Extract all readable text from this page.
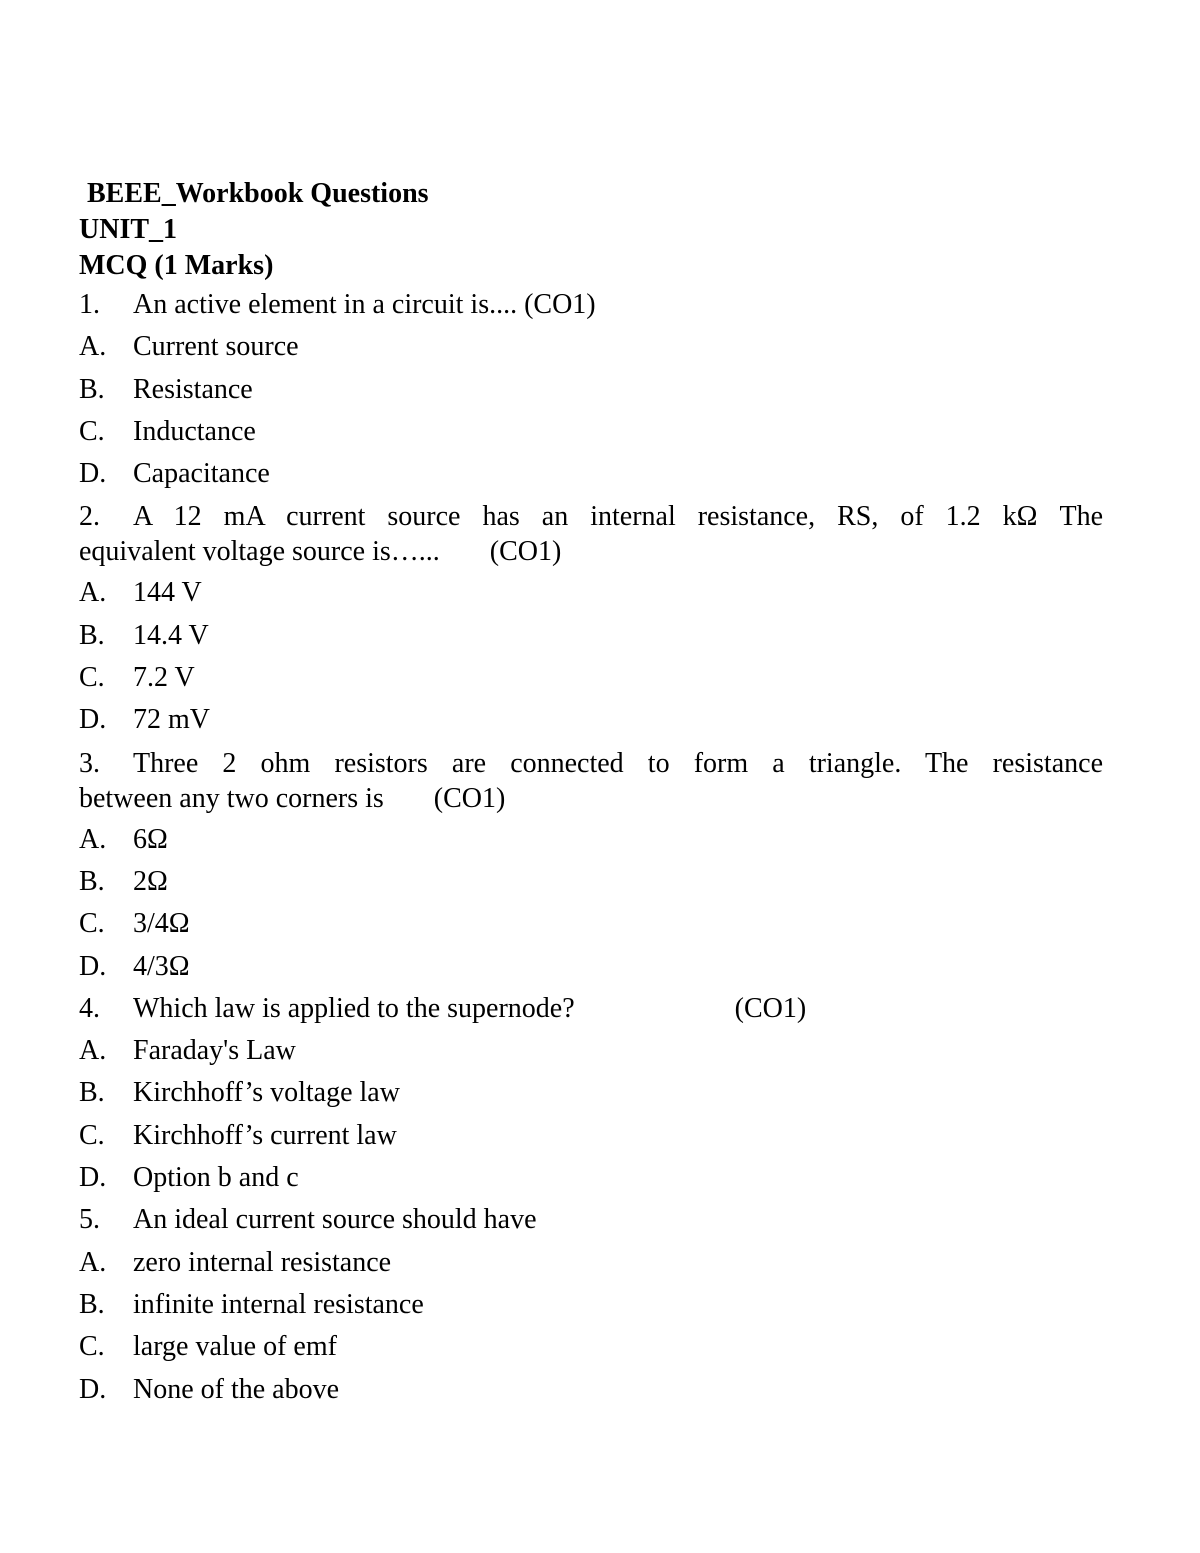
BEEE_Workbook Questions

UNIT_1

MCQ (1 Marks)

1.	An active element in a circuit is.... (CO1)
A. Current source
B.	Resistance
C.	Inductance
D. Capacitance
2.	A 12 mA current source has an internal resistance, RS, of 1.2 kΩ The
equivalent voltage source is…... (CO1)
A. 144 V
B.	14.4 V
C.	7.2 V
D. 72 mV
3.	Three 2 ohm resistors are connected to form a triangle. The resistance
between any two corners is (CO1)
A. 6Ω
B.	2Ω
C.	3/4Ω
D. 4/3Ω
4.	Which law is applied to the supernode?	(CO1)
A. Faraday's Law
B.	Kirchhoff’s voltage law
C.	Kirchhoff’s current law
D. Option b and c
5.	An ideal current source should have
A. zero internal resistance
B.	infinite internal resistance
C.	large value of emf
D. None of the above
